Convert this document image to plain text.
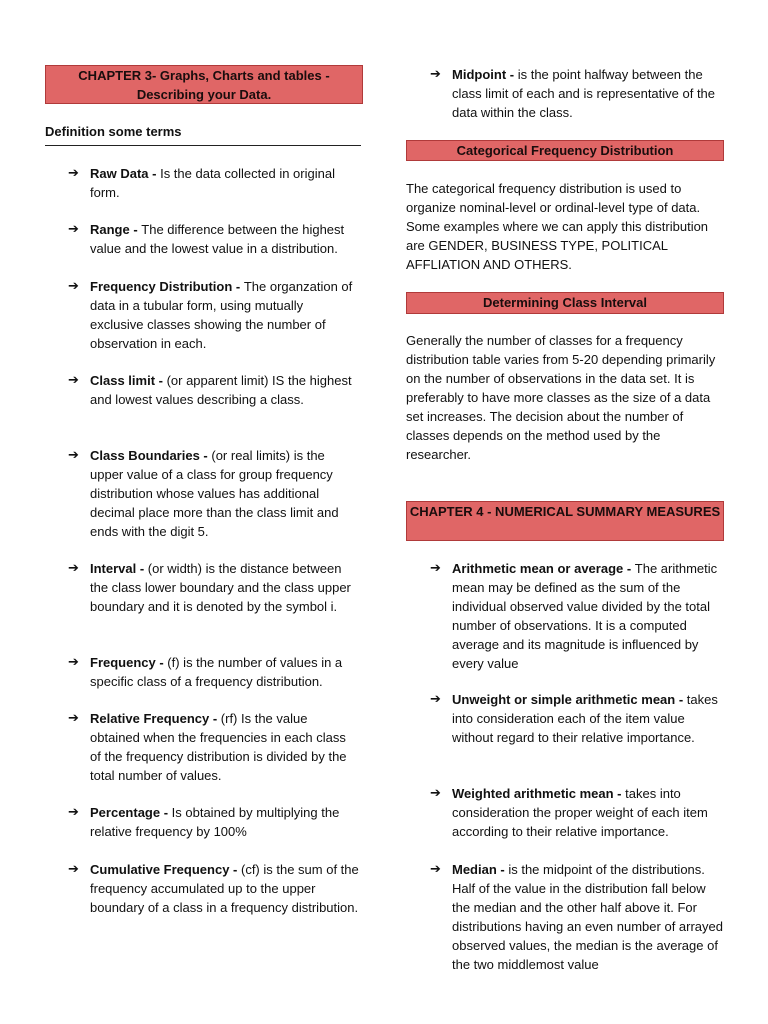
CHAPTER 3- Graphs, Charts and tables - Describing your Data.
Definition some terms
➔ Raw Data - Is the data collected in original form.
➔ Range - The difference between the highest value and the lowest value in a distribution.
➔ Frequency Distribution - The organzation of data in a tubular form, using mutually exclusive classes showing the number of observation in each.
➔ Class limit - (or apparent limit) IS the highest and lowest values describing a class.
➔ Class Boundaries - (or real limits) is the upper value of a class for group frequency distribution whose values has additional decimal place more than the class limit and ends with the digit 5.
➔ Interval - (or width) is the distance between the class lower boundary and the class upper boundary and it is denoted by the symbol i.
➔ Frequency - (f) is the number of values in a specific class of a frequency distribution.
➔ Relative Frequency - (rf) Is the value obtained when the frequencies in each class of the frequency distribution is divided by the total number of values.
➔ Percentage - Is obtained by multiplying the relative frequency by 100%
➔ Cumulative Frequency - (cf) is the sum of the frequency accumulated up to the upper boundary of a class in a frequency distribution.
➔ Midpoint - is the point halfway between the class limit of each and is representative of the data within the class.
Categorical Frequency Distribution
The categorical frequency distribution is used to organize nominal-level or ordinal-level type of data. Some examples where we can apply this distribution are GENDER, BUSINESS TYPE, POLITICAL AFFLIATION AND OTHERS.
Determining Class Interval
Generally the number of classes for a frequency distribution table varies from 5-20 depending primarily on the number of observations in the data set. It is preferably to have more classes as the size of a data set increases. The decision about the number of classes depends on the method used by the researcher.
CHAPTER 4 - NUMERICAL SUMMARY MEASURES
➔ Arithmetic mean or average - The arithmetic mean may be defined as the sum of the individual observed value divided by the total number of observations. It is a computed average and its magnitude is influenced by every value
➔ Unweight or simple arithmetic mean - takes into consideration each of the item value without regard to their relative importance.
➔ Weighted arithmetic mean - takes into consideration the proper weight of each item according to their relative importance.
➔ Median - is the midpoint of the distributions. Half of the value in the distribution fall below the median and the other half above it. For distributions having an even number of arrayed observed values, the median is the average of the two middlemost value
